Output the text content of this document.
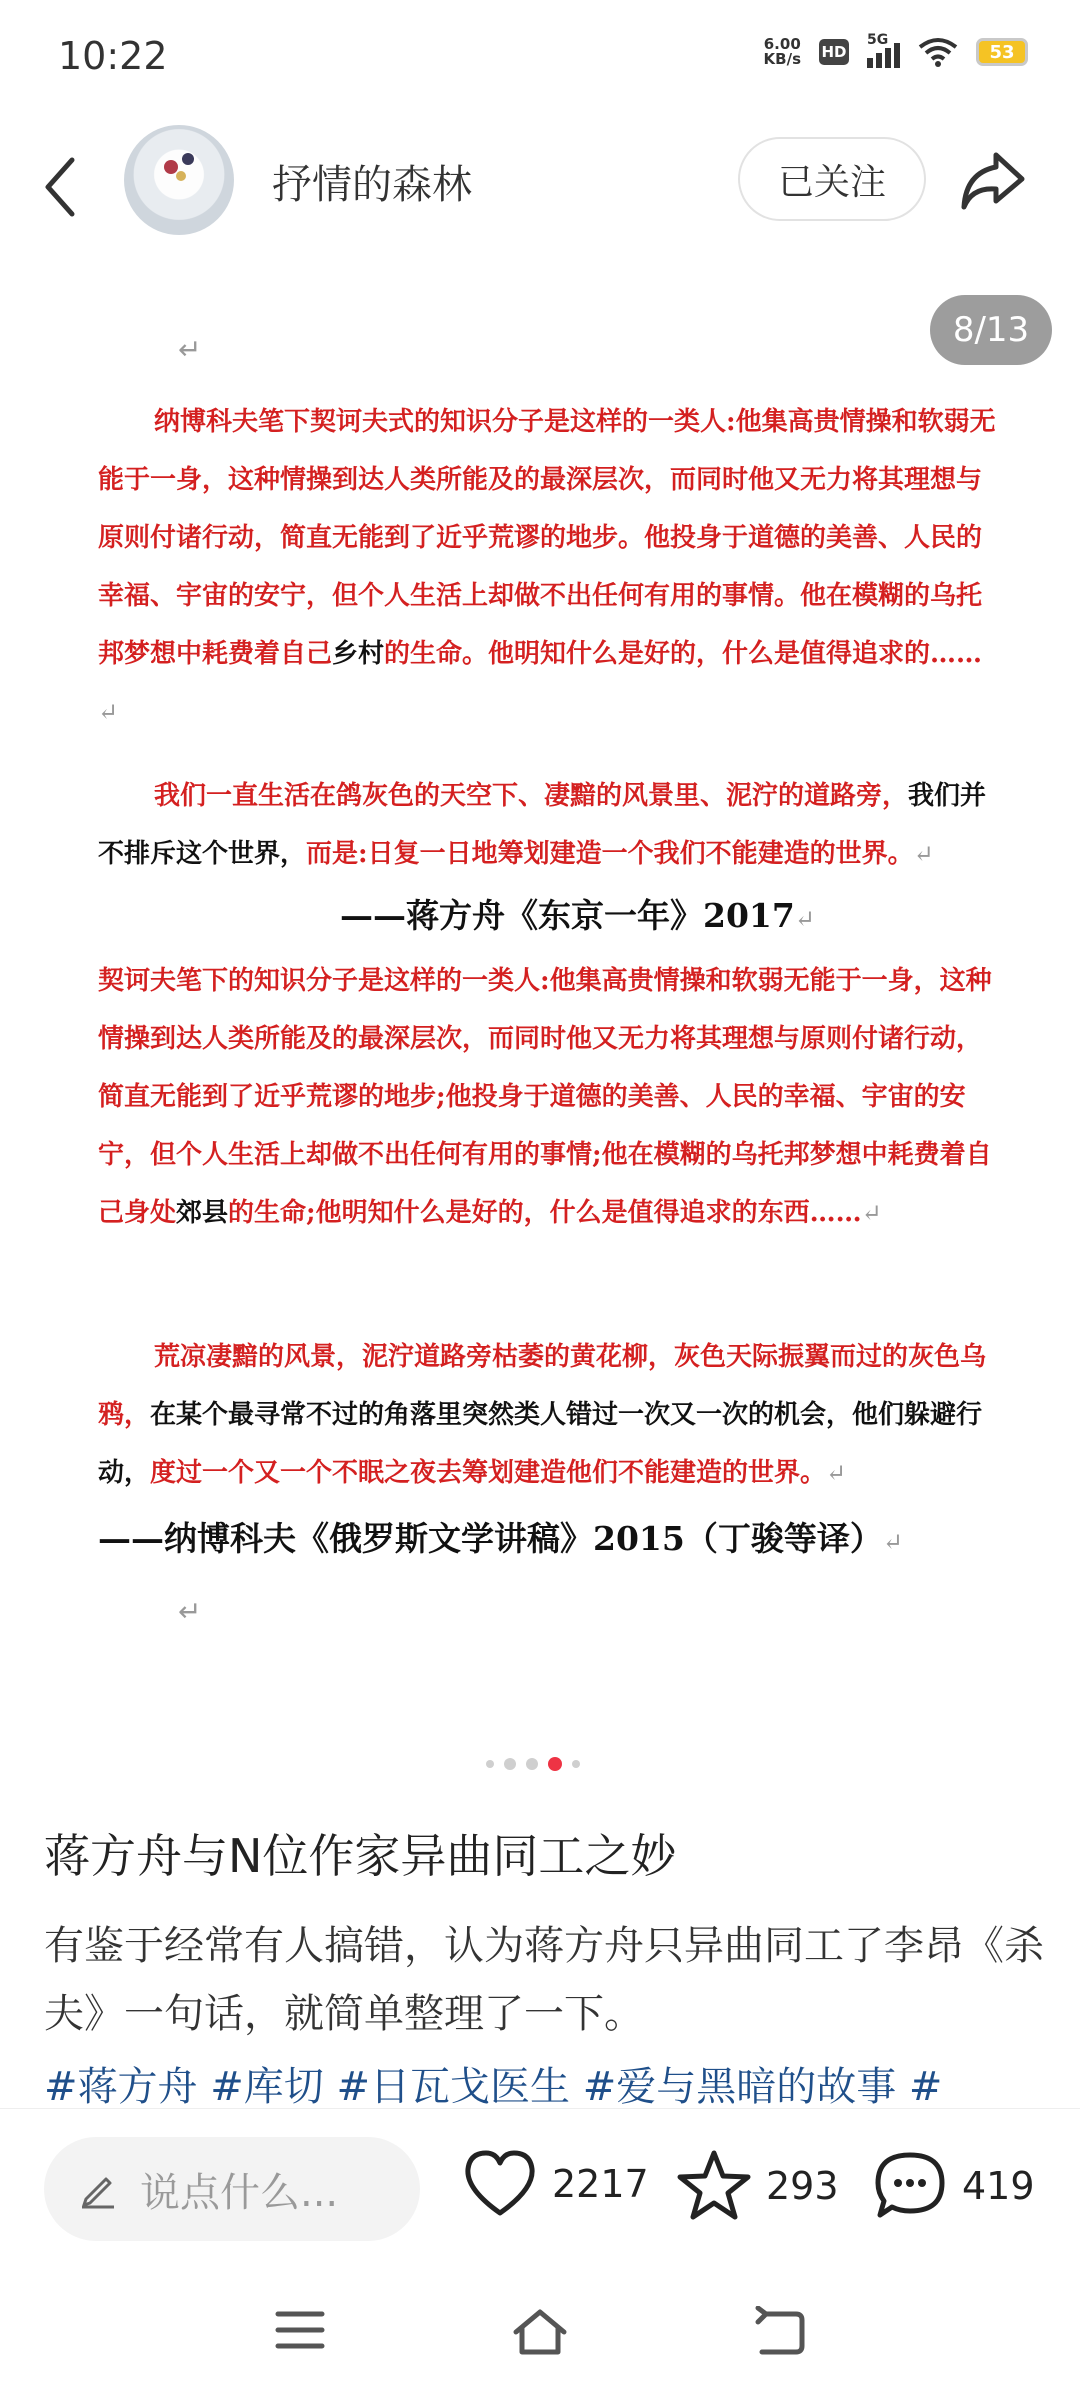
10:22	6.00
KB/s HD
5G
53
抒情的森林	已关注
↵

纳博科夫笔下契诃夫式的知识分子是这样的一类人:他集高贵情操和软弱无能于一身，这种情操到达人类所能及的最深层次，而同时他又无力将其理想与原则付诸行动，简直无能到了近乎荒谬的地步。他投身于道德的美善、人民的幸福、宇宙的安宁，但个人生活上却做不出任何有用的事情。他在模糊的乌托邦梦想中耗费着自己乡村的生命。他明知什么是好的，什么是值得追求的……↵

我们一直生活在鸽灰色的天空下、凄黯的风景里、泥泞的道路旁，我们并不排斥这个世界，而是:日复一日地筹划建造一个我们不能建造的世界。↵

——蒋方舟《东京一年》2017↵

契诃夫笔下的知识分子是这样的一类人:他集高贵情操和软弱无能于一身，这种情操到达人类所能及的最深层次，而同时他又无力将其理想与原则付诸行动，简直无能到了近乎荒谬的地步;他投身于道德的美善、人民的幸福、宇宙的安宁，但个人生活上却做不出任何有用的事情;他在模糊的乌托邦梦想中耗费着自己身处郊县的生命;他明知什么是好的，什么是值得追求的东西……↵

荒凉凄黯的风景，泥泞道路旁枯萎的黄花柳，灰色天际振翼而过的灰色乌鸦，在某个最寻常不过的角落里突然类人错过一次又一次的机会，他们躲避行动，度过一个又一个不眠之夜去筹划建造他们不能建造的世界。↵

——纳博科夫《俄罗斯文学讲稿》2015（丁骏等译）↵
↵
8/13
蒋方舟与N位作家异曲同工之妙
有鉴于经常有人搞错，认为蒋方舟只异曲同工了李昂《杀夫》一句话，就简单整理了一下。
#蒋方舟 #库切 #日瓦戈医生 #爱与黑暗的故事 #
说点什么...	2217	293	419
